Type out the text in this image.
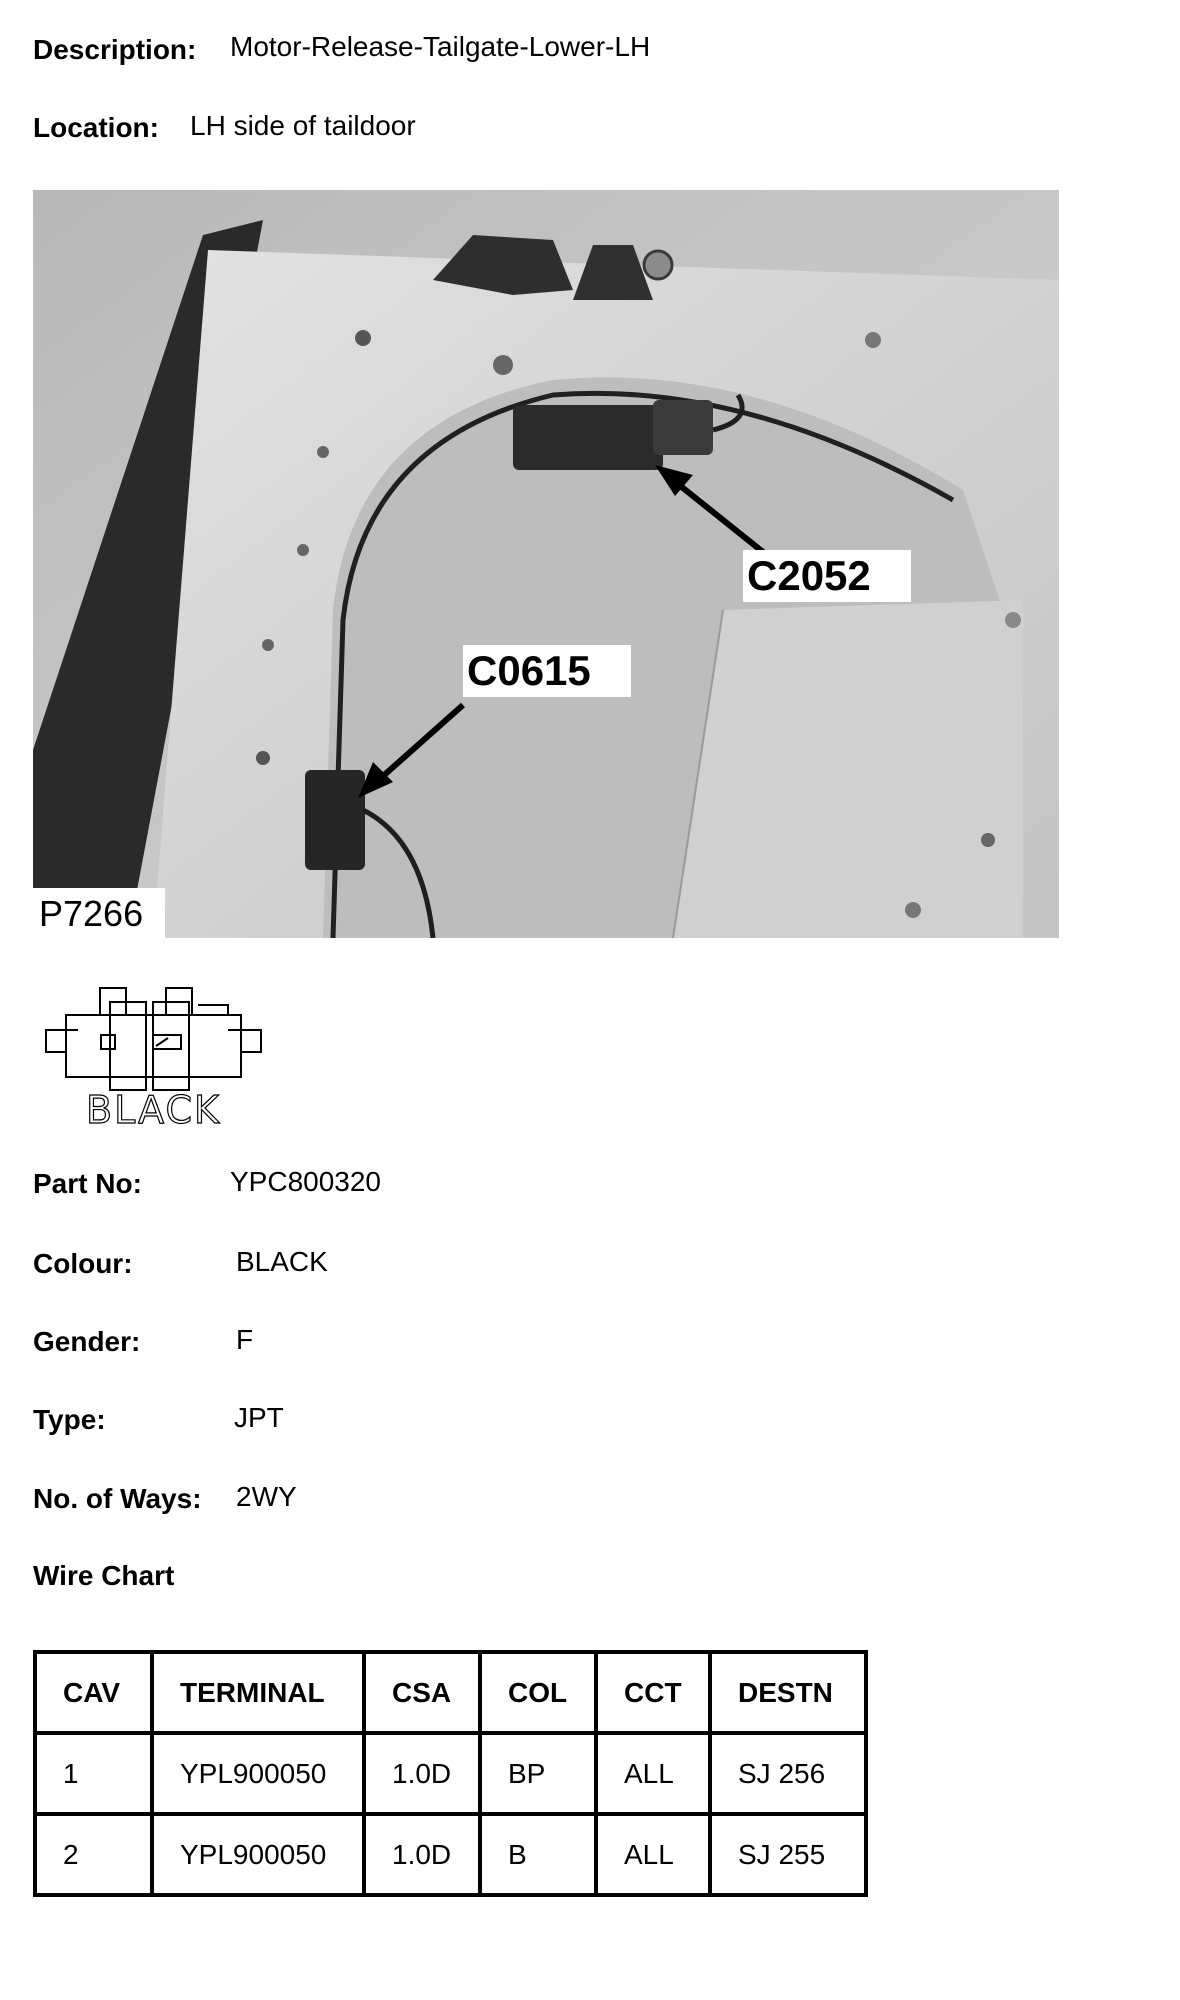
Description: Motor-Release-Tailgate-Lower-LH
Location: LH side of taildoor
C2052
C0615
P7266
BLACK
Part No:	YPC800320
Colour:	BLACK
Gender:	F
Type:	JPT
No. of Ways: 2WY
Wire Chart
CAV	TERMINAL	CSA	COL	CCT	DESTN
1	YPL900050	1.0D	BP	ALL	SJ 256
2	YPL900050	1.0D	B	ALL	SJ 255
